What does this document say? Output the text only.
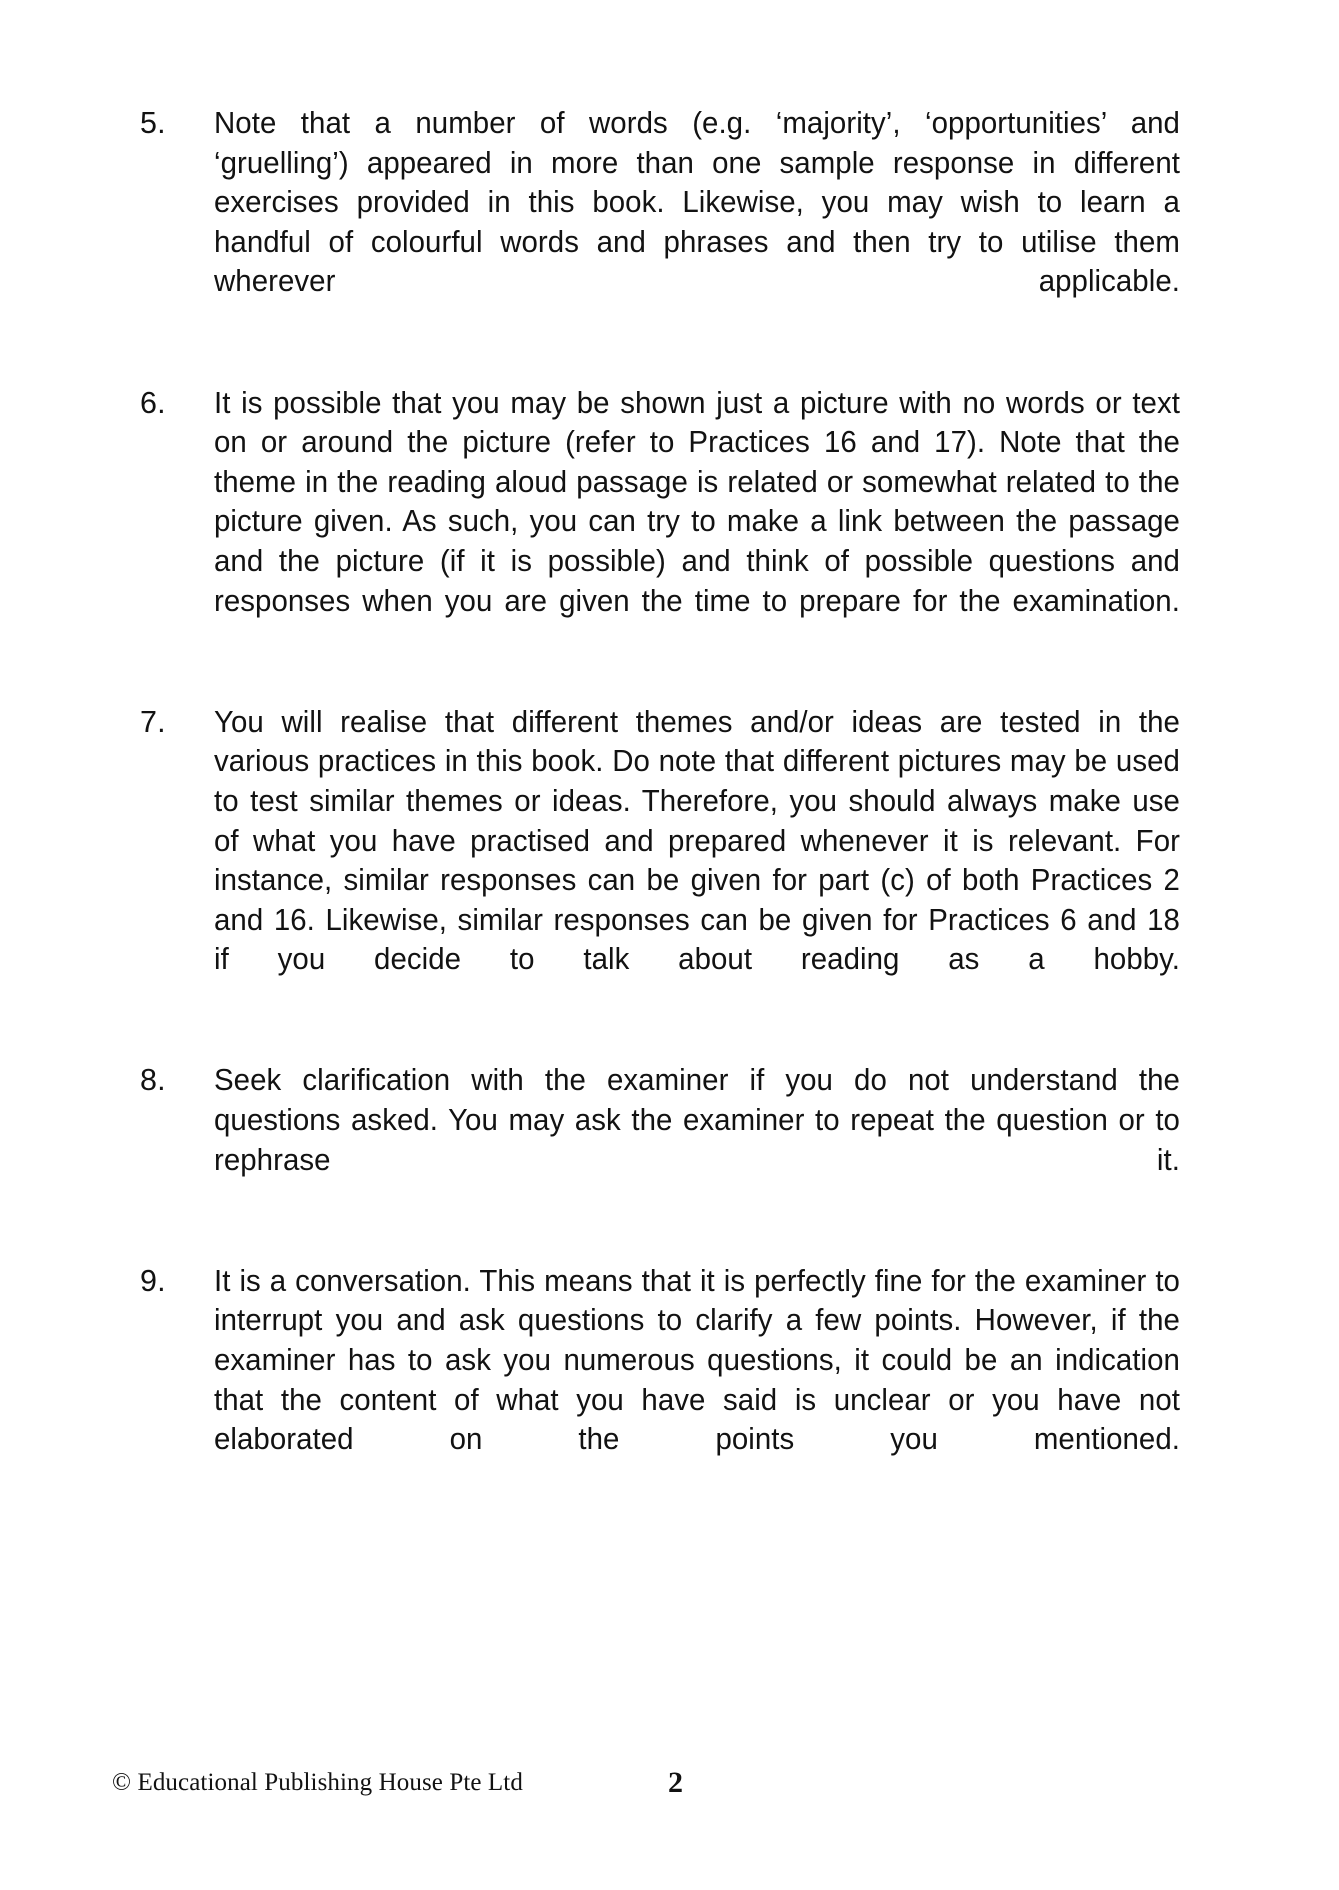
5.	Note that a number of words (e.g. ‘majority’, ‘opportunities’ and ‘gruelling’) appeared in more than one sample response in different exercises provided in this book. Likewise, you may wish to learn a handful of colourful words and phrases and then try to utilise them wherever applicable.
6.	It is possible that you may be shown just a picture with no words or text on or around the picture (refer to Practices 16 and 17). Note that the theme in the reading aloud passage is related or somewhat related to the picture given. As such, you can try to make a link between the passage and the picture (if it is possible) and think of possible questions and responses when you are given the time to prepare for the examination.
7.	You will realise that different themes and/or ideas are tested in the various practices in this book. Do note that different pictures may be used to test similar themes or ideas. Therefore, you should always make use of what you have practised and prepared whenever it is relevant. For instance, similar responses can be given for part (c) of both Practices 2 and 16. Likewise, similar responses can be given for Practices 6 and 18 if you decide to talk about reading as a hobby.
8.	Seek clarification with the examiner if you do not understand the questions asked. You may ask the examiner to repeat the question or to rephrase it.
9.	It is a conversation. This means that it is perfectly fine for the examiner to interrupt you and ask questions to clarify a few points. However, if the examiner has to ask you numerous questions, it could be an indication that the content of what you have said is unclear or you have not elaborated on the points you mentioned.
© Educational Publishing House Pte Ltd	2
